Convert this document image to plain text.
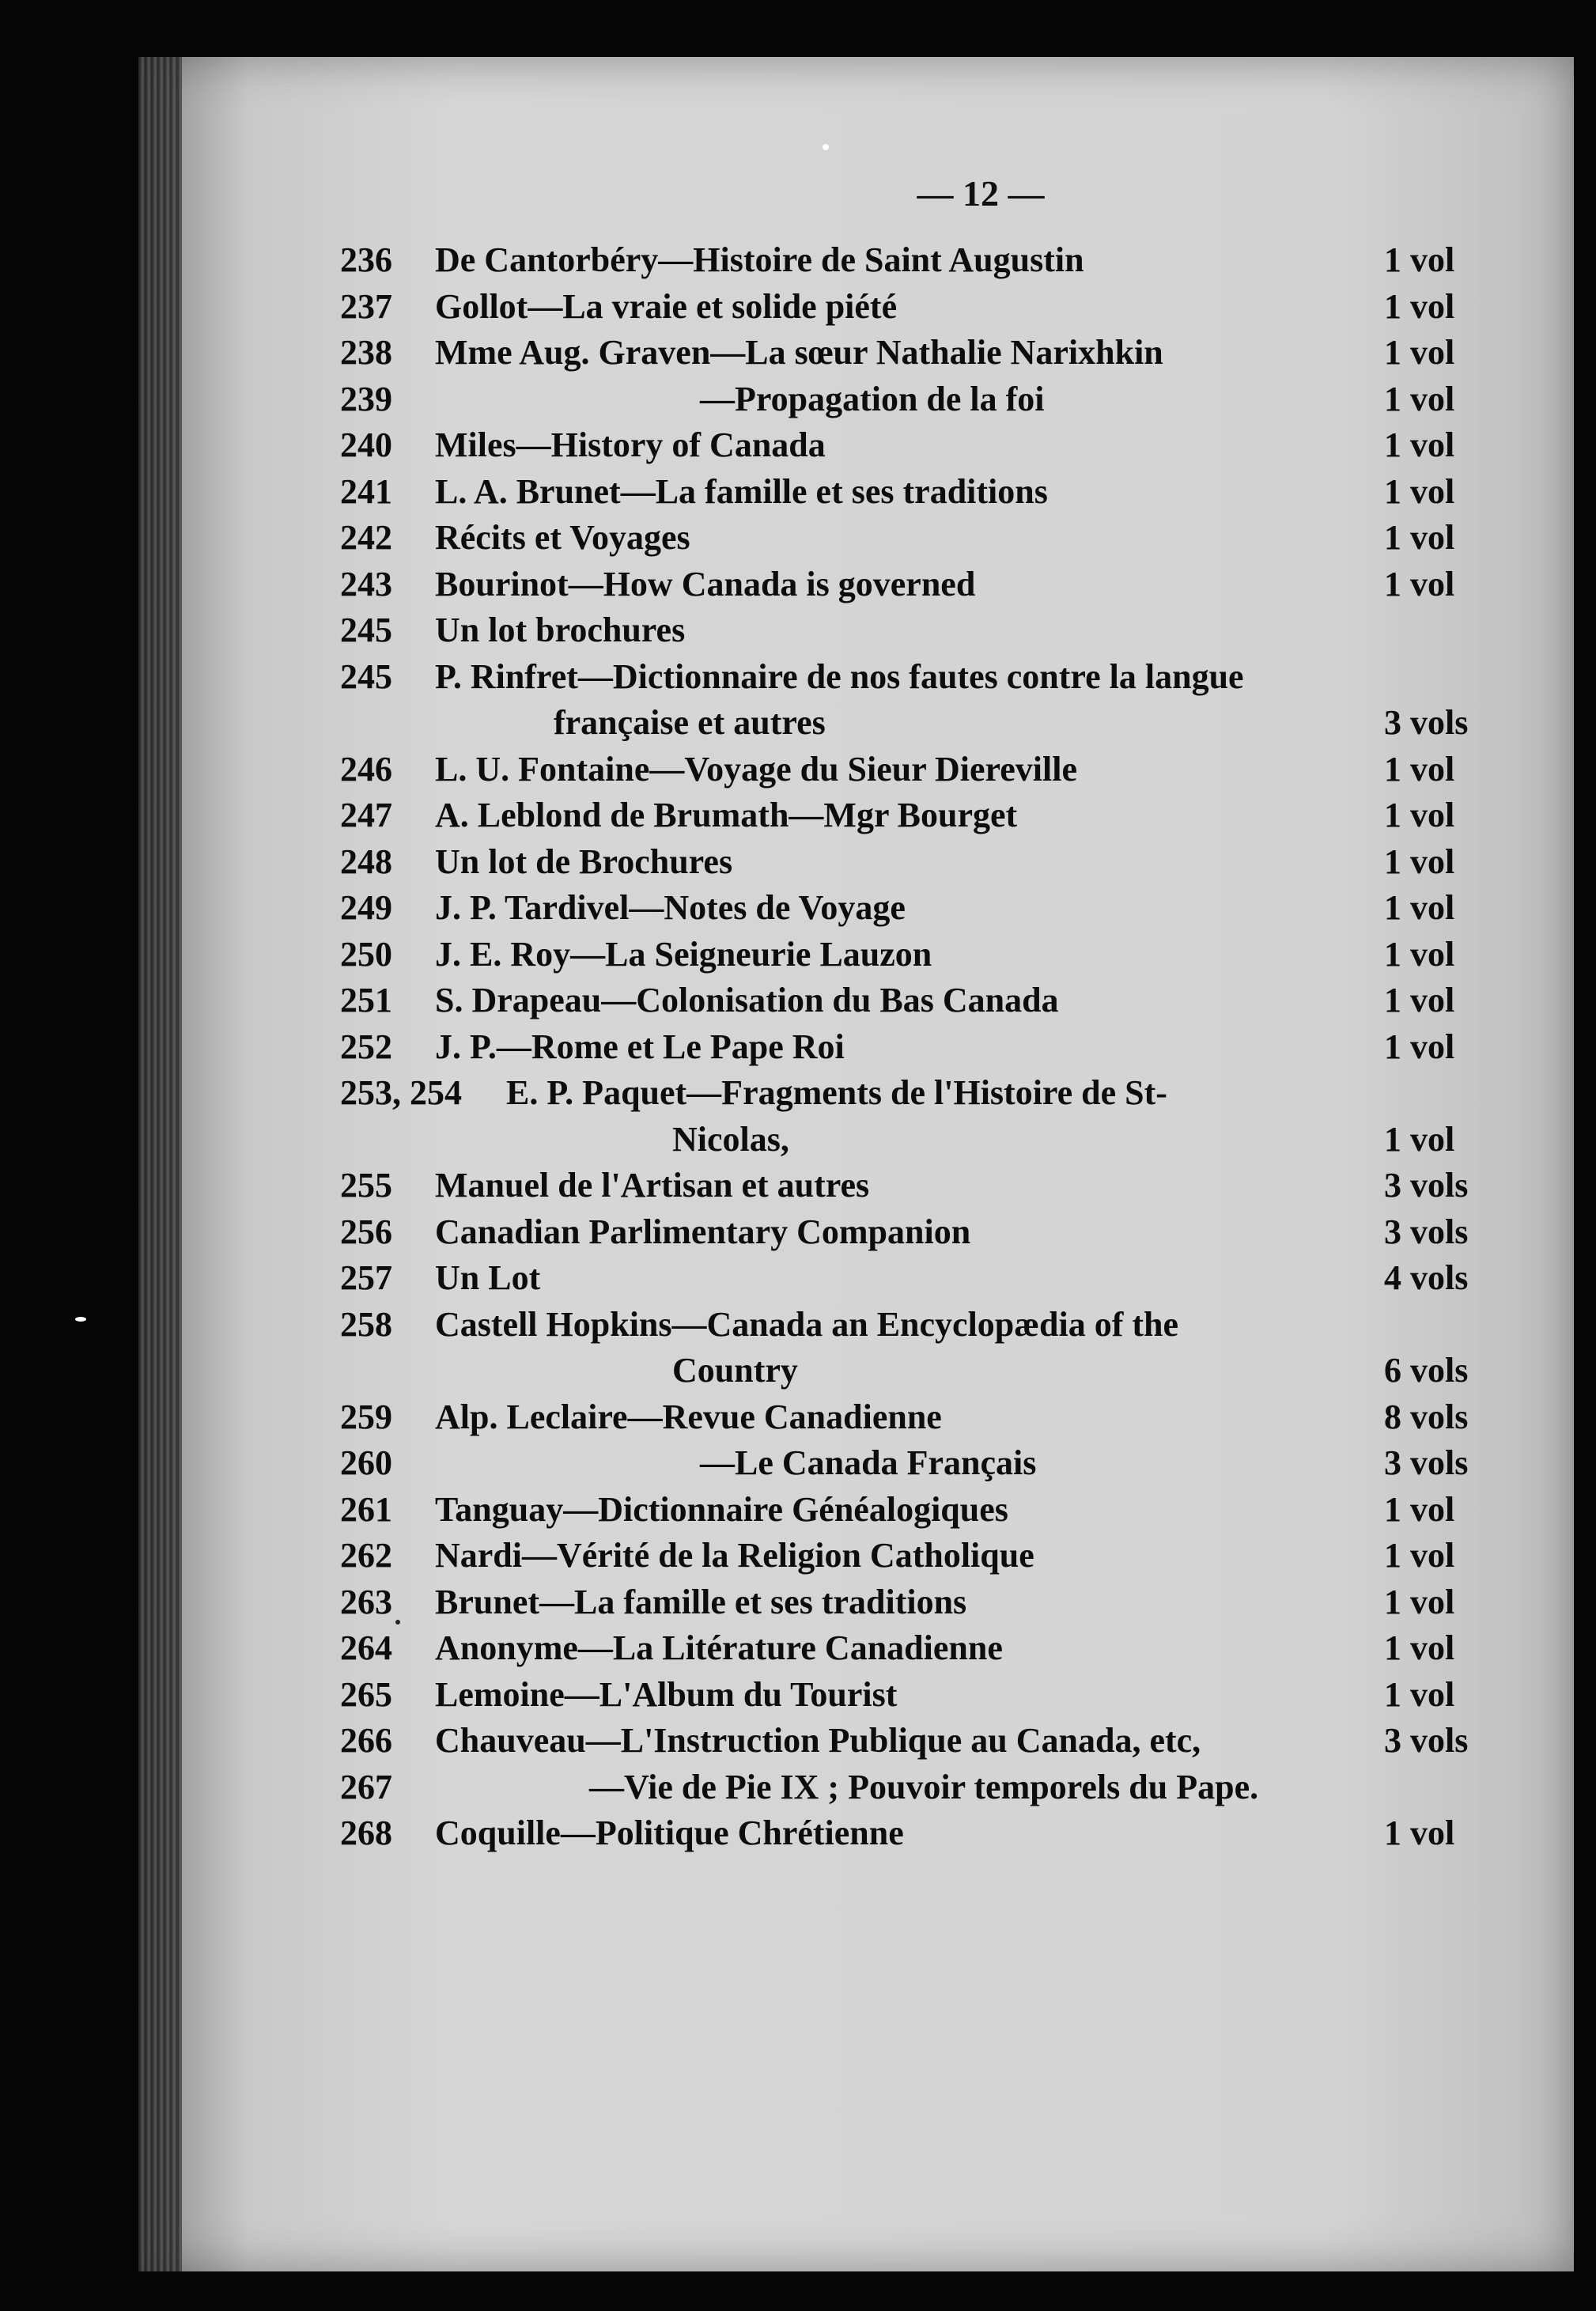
— 12 —
236	De Cantorbéry—Histoire de Saint Augustin	1 vol
237	Gollot—La vraie et solide piété	1 vol
238	Mme Aug. Graven—La sœur Nathalie Narixhkin	1 vol
239	—Propagation de la foi	1 vol
240	Miles—History of Canada	1 vol
241	L. A. Brunet—La famille et ses traditions	1 vol
242	Récits et Voyages	1 vol
243	Bourinot—How Canada is governed	1 vol
245	Un lot brochures
245	P. Rinfret—Dictionnaire de nos fautes contre la langue
française et autres	3 vols
246	L. U. Fontaine—Voyage du Sieur Diereville	1 vol
247	A. Leblond de Brumath—Mgr Bourget	1 vol
248	Un lot de Brochures	1 vol
249	J. P. Tardivel—Notes de Voyage	1 vol
250	J. E. Roy—La Seigneurie Lauzon	1 vol
251	S. Drapeau—Colonisation du Bas Canada	1 vol
252	J. P.—Rome et Le Pape Roi	1 vol
253, 254	E. P. Paquet—Fragments de l'Histoire de St-
Nicolas,	1 vol
255	Manuel de l'Artisan et autres	3 vols
256	Canadian Parlimentary Companion	3 vols
257	Un Lot	4 vols
258	Castell Hopkins—Canada an Encyclopædia of the
Country	6 vols
259	Alp. Leclaire—Revue Canadienne	8 vols
260	—Le Canada Français	3 vols
261	Tanguay—Dictionnaire Généalogiques	1 vol
262	Nardi—Vérité de la Religion Catholique	1 vol
263	Brunet—La famille et ses traditions	1 vol
264	Anonyme—La Litérature Canadienne	1 vol
265	Lemoine—L'Album du Tourist	1 vol
266	Chauveau—L'Instruction Publique au Canada, etc,	3 vols
267	—Vie de Pie IX ; Pouvoir temporels du Pape.
268	Coquille—Politique Chrétienne	1 vol
